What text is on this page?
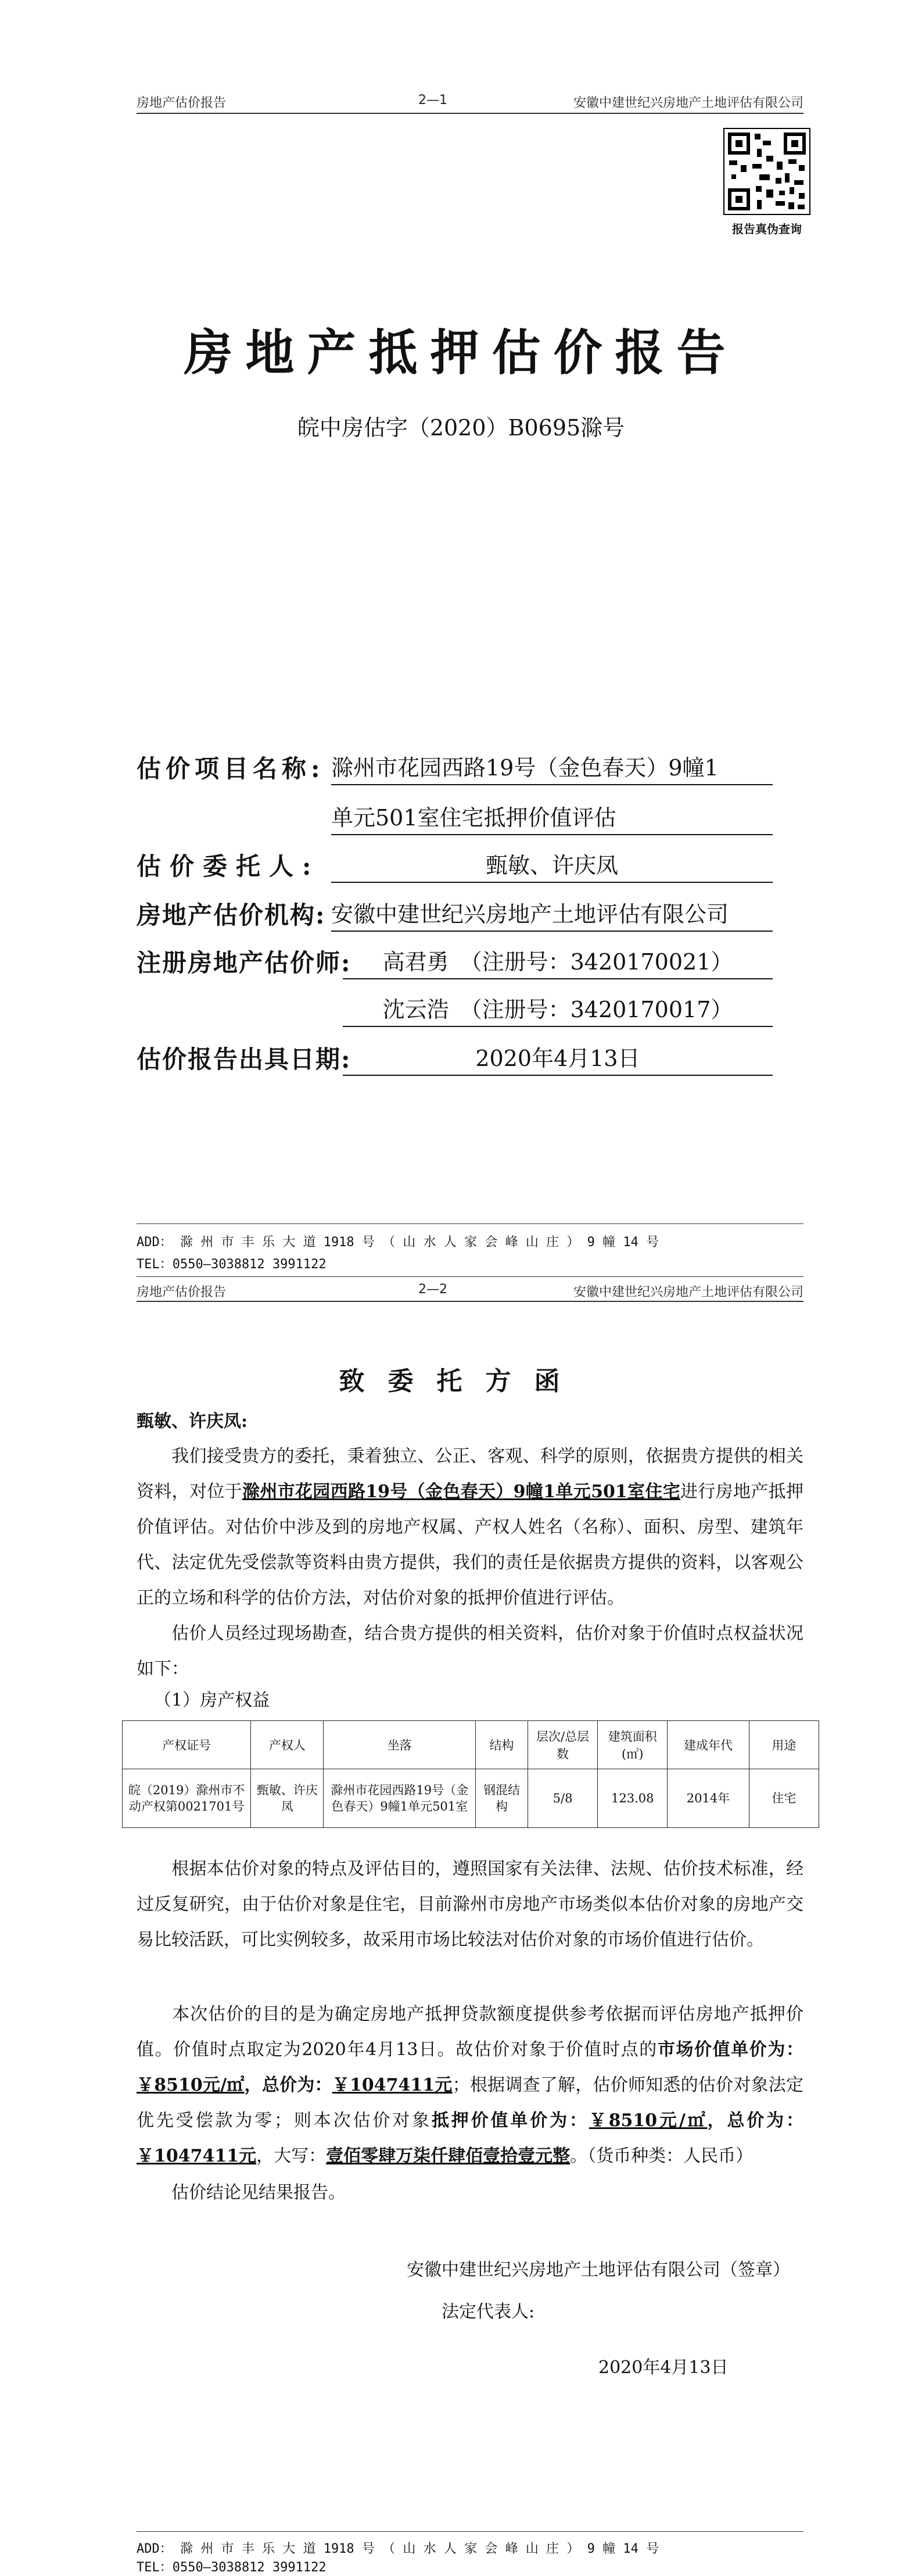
房地产估价报告	2—1	安徽中建世纪兴房地产土地评估有限公司
报告真伪查询
房地产抵押估价报告
皖中房估字（2020）B0695滁号
估价项目名称: 滁州市花园西路19号（金色春天）9幢1
单元501室住宅抵押价值评估
估价委托人:	甄敏、许庆凤
房地产估价机构: 安徽中建世纪兴房地产土地评估有限公司
注册房地产估价师:	高君勇　（注册号：3420170021）
沈云浩　（注册号：3420170017）
估价报告出具日期:	2020年4月13日
ADD： 滁 州 市 丰 乐 大 道 1918 号 （ 山 水 人 家 会 峰 山 庄 ） 9 幢 14 号
TEL：0550—3038812 3991122
房地产估价报告	2—2	安徽中建世纪兴房地产土地评估有限公司
致委托方函
甄敏、许庆凤:
我们接受贵方的委托，秉着独立、公正、客观、科学的原则，依据贵方提供的相关资料，对位于滁州市花园西路19号（金色春天）9幢1单元501室住宅进行房地产抵押价值评估。对估价中涉及到的房地产权属、产权人姓名（名称）、面积、房型、建筑年代、法定优先受偿款等资料由贵方提供，我们的责任是依据贵方提供的资料，以客观公正的立场和科学的估价方法，对估价对象的抵押价值进行评估。
估价人员经过现场勘查，结合贵方提供的相关资料，估价对象于价值时点权益状况如下：
（1）房产权益
产权证号	产权人	坐落	结构	层次/总层数	建筑面积(㎡)	建成年代	用途
皖（2019）滁州市不动产权第0021701号	甄敏、许庆凤	滁州市花园西路19号（金色春天）9幢1单元501室	钢混结构	5/8	123.08	2014年	住宅
根据本估价对象的特点及评估目的，遵照国家有关法律、法规、估价技术标准，经过反复研究，由于估价对象是住宅，目前滁州市房地产市场类似本估价对象的房地产交易比较活跃，可比实例较多，故采用市场比较法对估价对象的市场价值进行估价。
本次估价的目的是为确定房地产抵押贷款额度提供参考依据而评估房地产抵押价值。价值时点取定为2020年4月13日。故估价对象于价值时点的市场价值单价为：￥8510元/㎡，总价为：￥1047411元；根据调查了解，估价师知悉的估价对象法定优先受偿款为零；则本次估价对象抵押价值单价为：￥8510元/㎡，总价为：￥1047411元，大写：壹佰零肆万柒仟肆佰壹拾壹元整。（货币种类：人民币）
估价结论见结果报告。
安徽中建世纪兴房地产土地评估有限公司（签章）
法定代表人:
2020年4月13日
ADD： 滁 州 市 丰 乐 大 道 1918 号 （ 山 水 人 家 会 峰 山 庄 ） 9 幢 14 号
TEL：0550—3038812 3991122
